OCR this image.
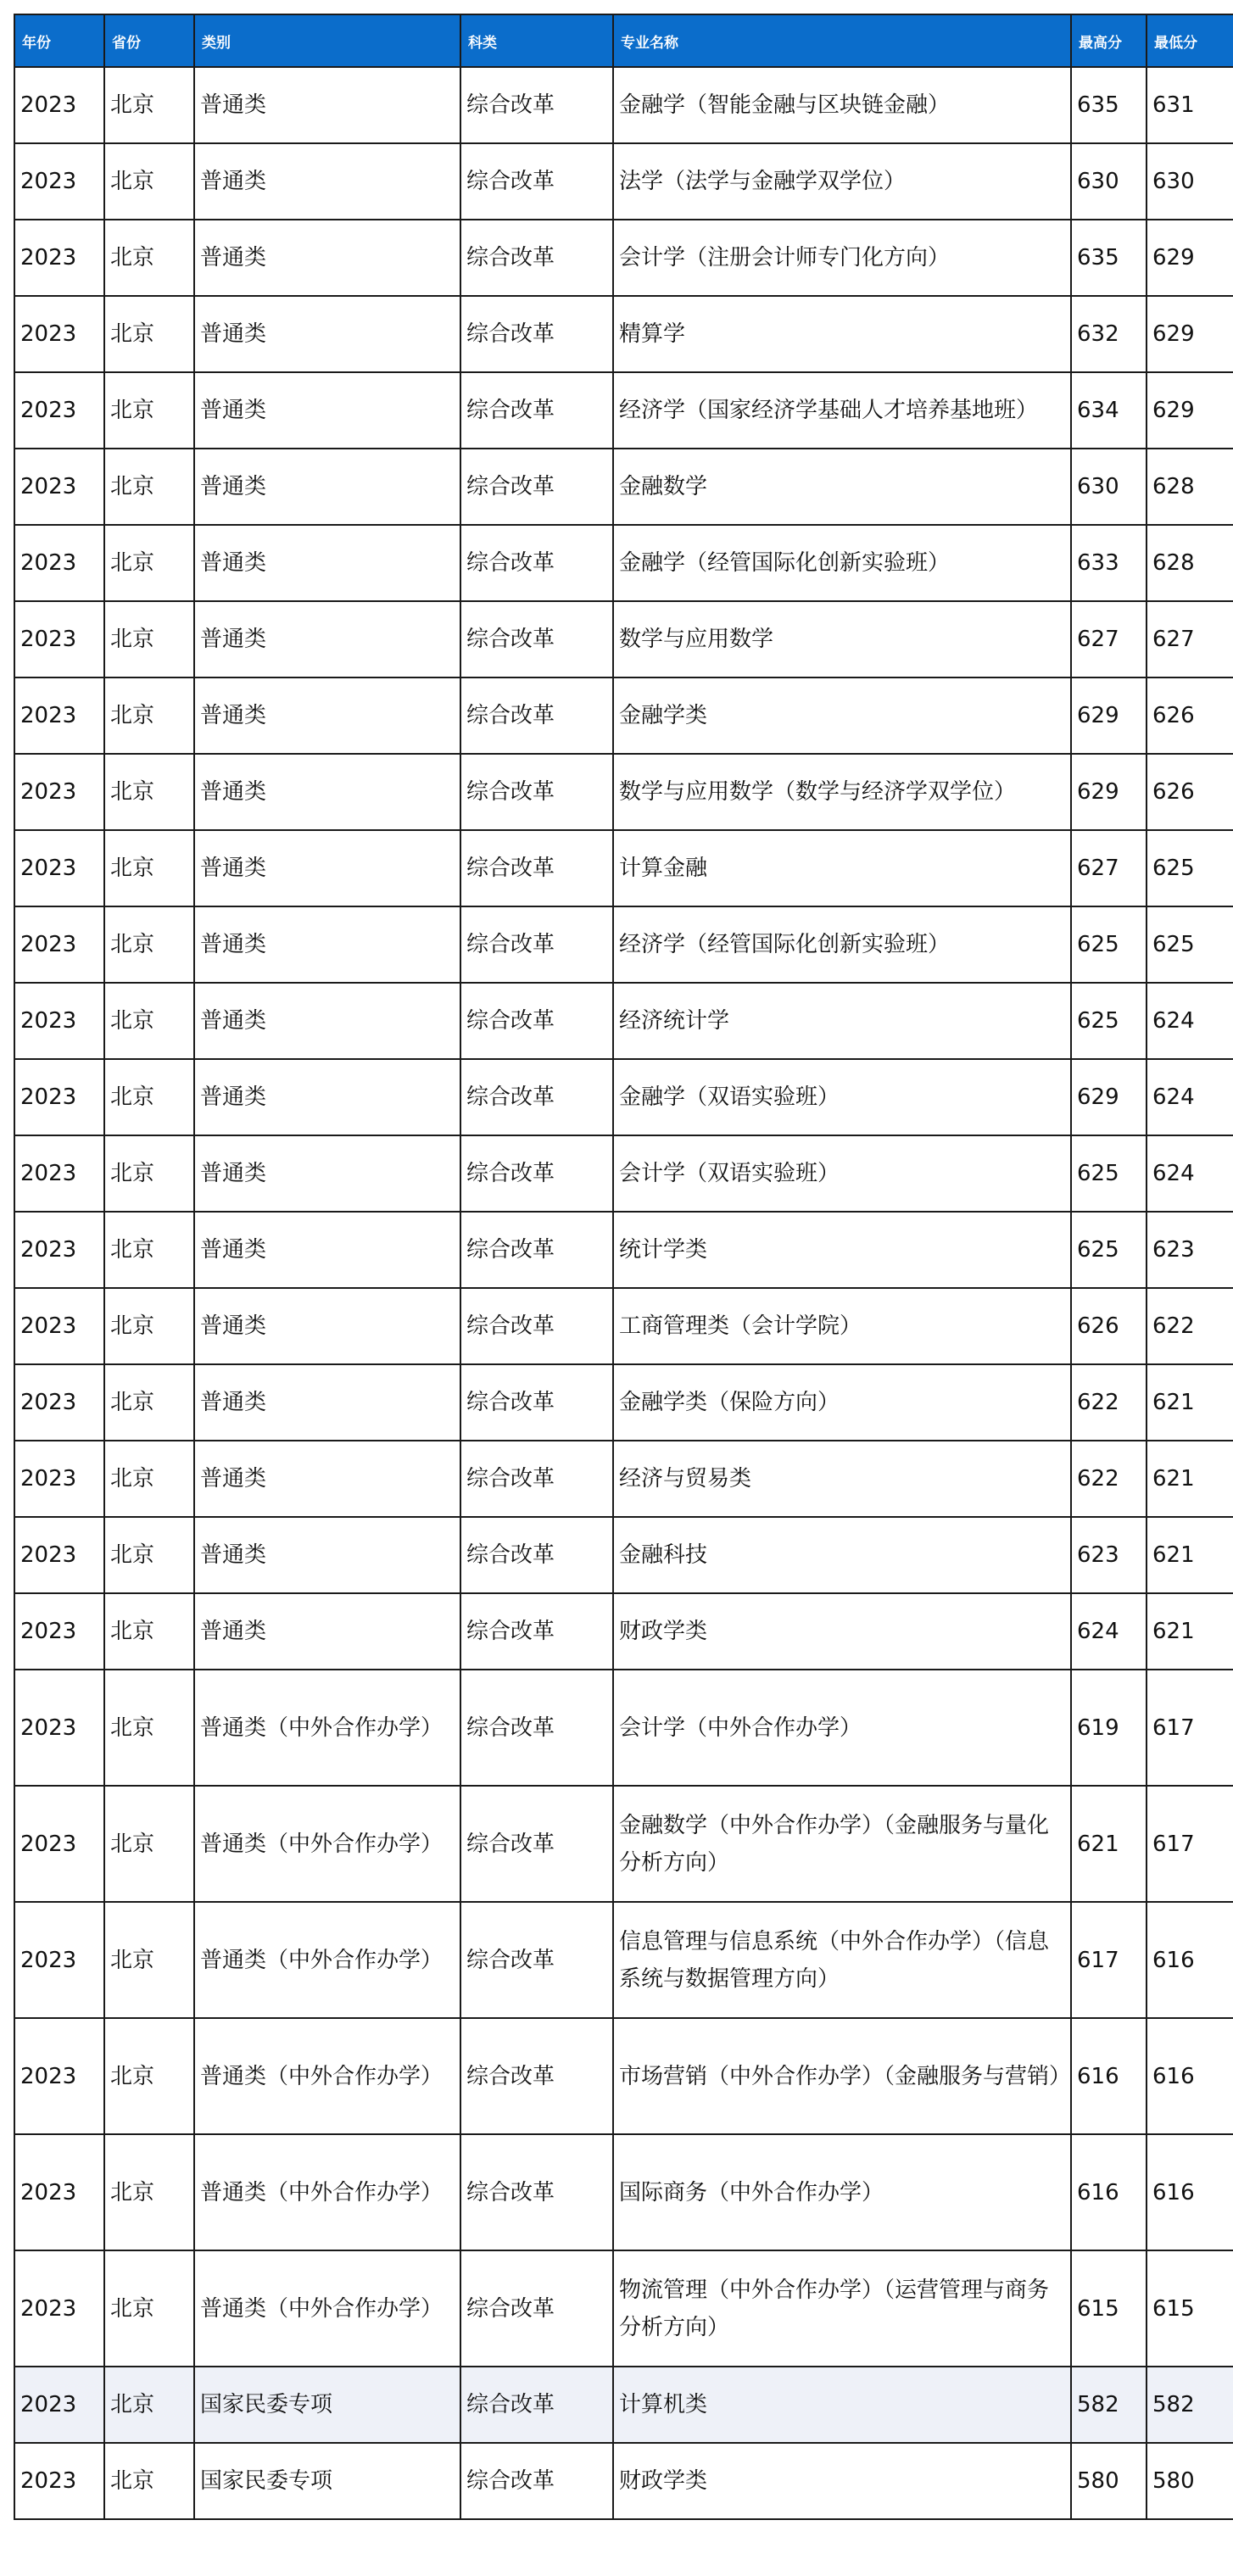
年份	省份	类别	科类	专业名称	最高分	最低分
2023	北京	普通类	综合改革	金融学（智能金融与区块链金融）	635	631
2023	北京	普通类	综合改革	法学（法学与金融学双学位）	630	630
2023	北京	普通类	综合改革	会计学（注册会计师专门化方向）	635	629
2023	北京	普通类	综合改革	精算学	632	629
2023	北京	普通类	综合改革	经济学（国家经济学基础人才培养基地班）	634	629
2023	北京	普通类	综合改革	金融数学	630	628
2023	北京	普通类	综合改革	金融学（经管国际化创新实验班）	633	628
2023	北京	普通类	综合改革	数学与应用数学	627	627
2023	北京	普通类	综合改革	金融学类	629	626
2023	北京	普通类	综合改革	数学与应用数学（数学与经济学双学位）	629	626
2023	北京	普通类	综合改革	计算金融	627	625
2023	北京	普通类	综合改革	经济学（经管国际化创新实验班）	625	625
2023	北京	普通类	综合改革	经济统计学	625	624
2023	北京	普通类	综合改革	金融学（双语实验班）	629	624
2023	北京	普通类	综合改革	会计学（双语实验班）	625	624
2023	北京	普通类	综合改革	统计学类	625	623
2023	北京	普通类	综合改革	工商管理类（会计学院）	626	622
2023	北京	普通类	综合改革	金融学类（保险方向）	622	621
2023	北京	普通类	综合改革	经济与贸易类	622	621
2023	北京	普通类	综合改革	金融科技	623	621
2023	北京	普通类	综合改革	财政学类	624	621
2023	北京	普通类（中外合作办学）	综合改革	会计学（中外合作办学）	619	617
2023	北京	普通类（中外合作办学）	综合改革	金融数学（中外合作办学）（金融服务与量化分析方向）	621	617
2023	北京	普通类（中外合作办学）	综合改革	信息管理与信息系统（中外合作办学）（信息系统与数据管理方向）	617	616
2023	北京	普通类（中外合作办学）	综合改革	市场营销（中外合作办学）（金融服务与营销）	616	616
2023	北京	普通类（中外合作办学）	综合改革	国际商务（中外合作办学）	616	616
2023	北京	普通类（中外合作办学）	综合改革	物流管理（中外合作办学）（运营管理与商务分析方向）	615	615
2023	北京	国家民委专项	综合改革	计算机类	582	582
2023	北京	国家民委专项	综合改革	财政学类	580	580
